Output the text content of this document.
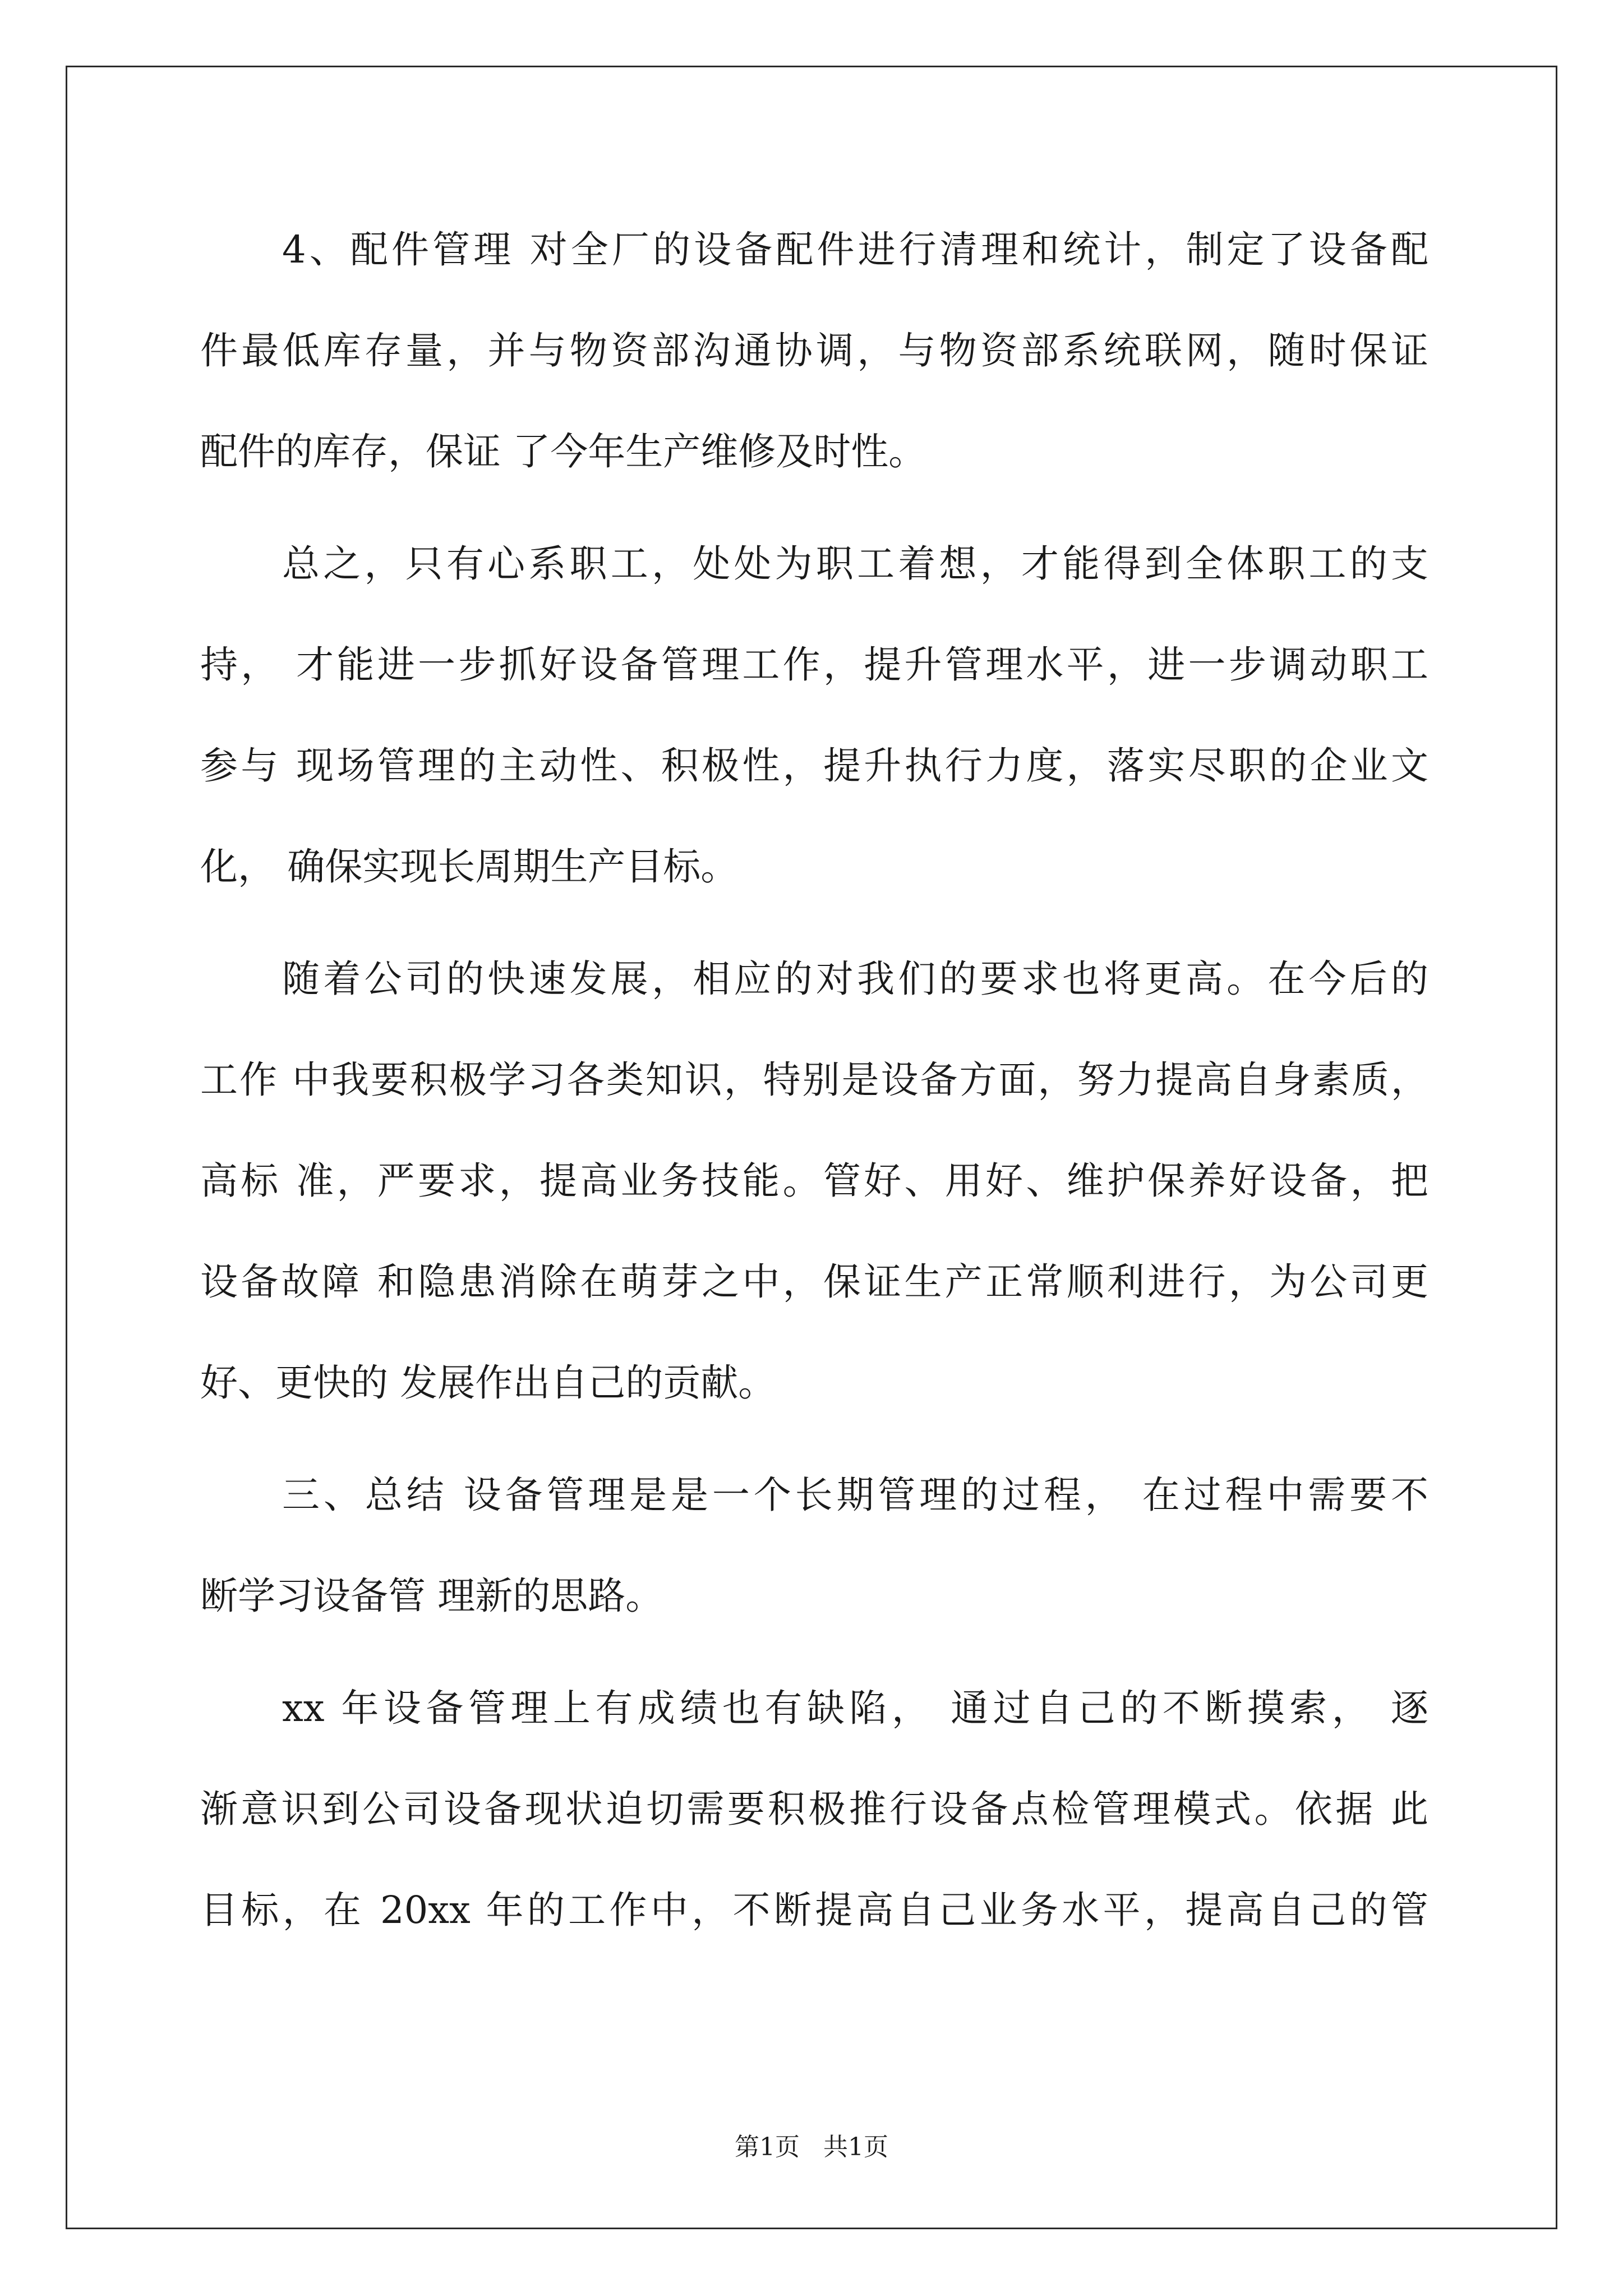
4、配件管理 对全厂的设备配件进行清理和统计，制定了设备配
件最低库存量，并与物资部沟通协调，与物资部系统联网，随时保证
配件的库存，保证 了今年生产维修及时性。
总之，只有心系职工，处处为职工着想，才能得到全体职工的支
持， 才能进一步抓好设备管理工作，提升管理水平，进一步调动职工
参与 现场管理的主动性、积极性，提升执行力度，落实尽职的企业文
化， 确保实现长周期生产目标。
随着公司的快速发展，相应的对我们的要求也将更高。在今后的
工作 中我要积极学习各类知识，特别是设备方面，努力提高自身素质，
高标 准，严要求，提高业务技能。管好、用好、维护保养好设备，把
设备故障 和隐患消除在萌芽之中，保证生产正常顺利进行，为公司更
好、更快的 发展作出自己的贡献。
三、总结 设备管理是是一个长期管理的过程， 在过程中需要不
断学习设备管 理新的思路。
xx 年设备管理上有成绩也有缺陷， 通过自己的不断摸索， 逐
渐意识到公司设备现状迫切需要积极推行设备点检管理模式。依据 此
目标，在 20xx 年的工作中，不断提高自己业务水平，提高自己的管
第1页   共1页
